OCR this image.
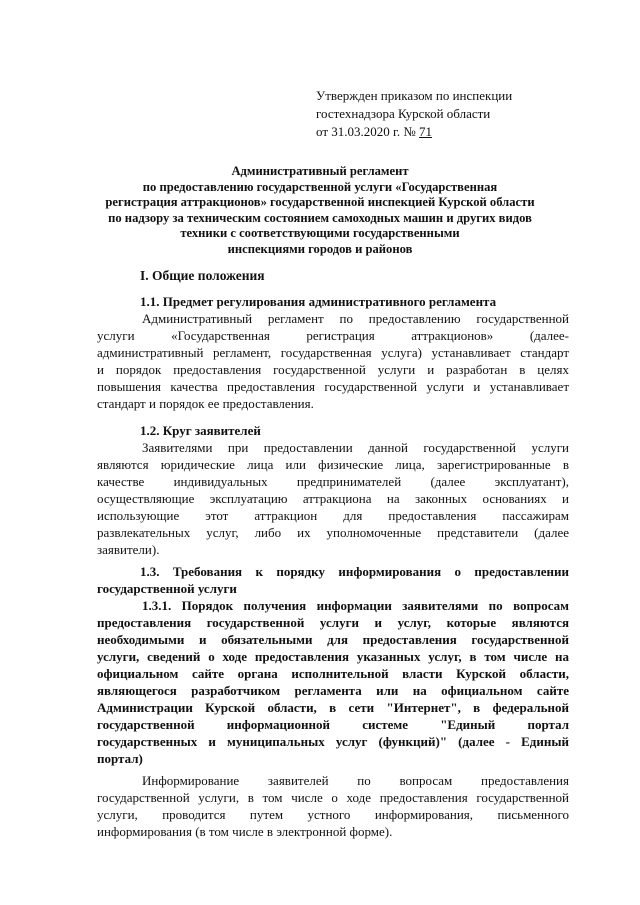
Утвержден приказом по инспекции
гостехнадзора Курской области
от 31.03.2020 г. № 71
Административный регламент
по предоставлению государственной услуги «Государственная
регистрация аттракционов» государственной инспекцией Курской области
по надзору за техническим состоянием самоходных машин и других видов
техники с соответствующими государственными
инспекциями городов и районов
I. Общие положения
1.1. Предмет регулирования административного регламента
Административный регламент по предоставлению государственной
услуги «Государственная регистрация аттракционов» (далее-
административный регламент, государственная услуга) устанавливает стандарт
и порядок предоставления государственной услуги и разработан в целях
повышения качества предоставления государственной услуги и устанавливает
стандарт и порядок ее предоставления.
1.2. Круг заявителей
Заявителями при предоставлении данной государственной услуги
являются юридические лица или физические лица, зарегистрированные в
качестве индивидуальных предпринимателей (далее эксплуатант),
осуществляющие эксплуатацию аттракциона на законных основаниях и
использующие этот аттракцион для предоставления пассажирам
развлекательных услуг, либо их уполномоченные представители (далее
заявители).
1.3. Требования к порядку информирования о предоставлении
государственной услуги
1.3.1. Порядок получения информации заявителями по вопросам
предоставления государственной услуги и услуг, которые являются
необходимыми и обязательными для предоставления государственной
услуги, сведений о ходе предоставления указанных услуг, в том числе на
официальном сайте органа исполнительной власти Курской области,
являющегося разработчиком регламента или на официальном сайте
Администрации Курской области, в сети "Интернет", в федеральной
государственной информационной системе "Единый портал
государственных и муниципальных услуг (функций)" (далее - Единый
портал)
Информирование заявителей по вопросам предоставления
государственной услуги, в том числе о ходе предоставления государственной
услуги, проводится путем устного информирования, письменного
информирования (в том числе в электронной форме).
